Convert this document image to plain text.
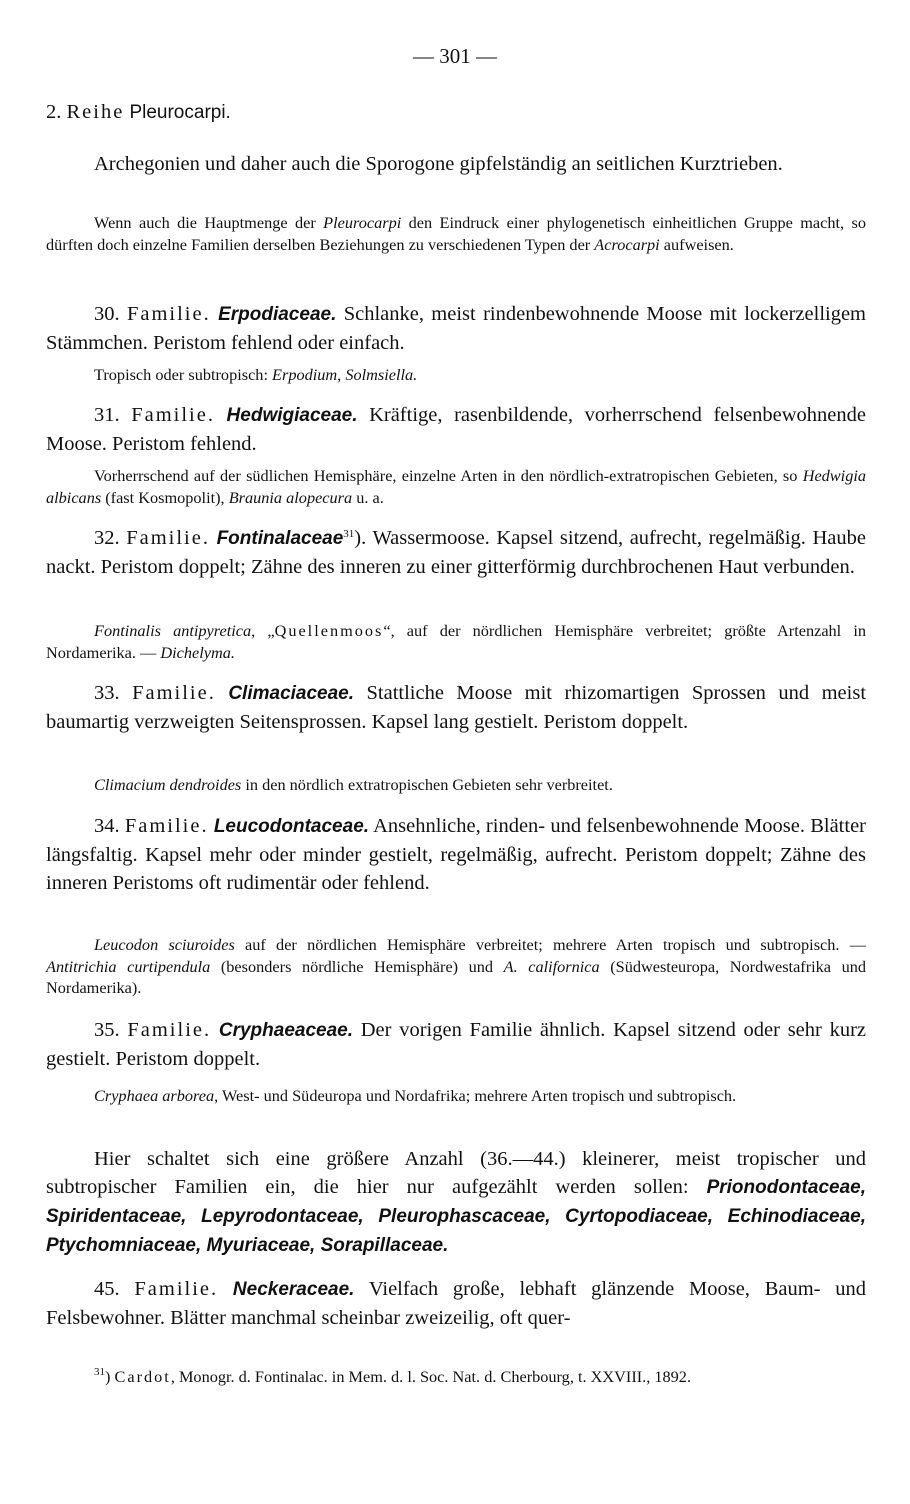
— 301 —

2. Reihe Pleurocarpi.

Archegonien und daher auch die Sporogone gipfelständig an seitlichen Kurztrieben.

Wenn auch die Hauptmenge der Pleurocarpi den Eindruck einer phylogenetisch einheitlichen Gruppe macht, so dürften doch einzelne Familien derselben Beziehungen zu verschiedenen Typen der Acrocarpi aufweisen.

30. Familie. Erpodiaceae. Schlanke, meist rindenbewohnende Moose mit lockerzelligem Stämmchen. Peristom fehlend oder einfach.

Tropisch oder subtropisch: Erpodium, Solmsiella.

31. Familie. Hedwigiaceae. Kräftige, rasenbildende, vorherrschend felsenbewohnende Moose. Peristom fehlend.

Vorherrschend auf der südlichen Hemisphäre, einzelne Arten in den nördlich-extratropischen Gebieten, so Hedwigia albicans (fast Kosmopolit), Braunia alopecura u. a.

32. Familie. Fontinalaceae$^{31}$). Wassermoose. Kapsel sitzend, aufrecht, regelmäßig. Haube nackt. Peristom doppelt; Zähne des inneren zu einer gitterförmig durchbrochenen Haut verbunden.

Fontinalis antipyretica, „Quellenmoos“, auf der nördlichen Hemisphäre verbreitet; größte Artenzahl in Nordamerika. — Dichelyma.

33. Familie. Climaciaceae. Stattliche Moose mit rhizomartigen Sprossen und meist baumartig verzweigten Seitensprossen. Kapsel lang gestielt. Peristom doppelt.

Climacium dendroides in den nördlich extratropischen Gebieten sehr verbreitet.

34. Familie. Leucodontaceae. Ansehnliche, rinden- und felsenbewohnende Moose. Blätter längsfaltig. Kapsel mehr oder minder gestielt, regelmäßig, aufrecht. Peristom doppelt; Zähne des inneren Peristoms oft rudimentär oder fehlend.

Leucodon sciuroides auf der nördlichen Hemisphäre verbreitet; mehrere Arten tropisch und subtropisch. — Antitrichia curtipendula (besonders nördliche Hemisphäre) und A. californica (Südwesteuropa, Nordwestafrika und Nordamerika).

35. Familie. Cryphaeaceae. Der vorigen Familie ähnlich. Kapsel sitzend oder sehr kurz gestielt. Peristom doppelt.

Cryphaea arborea, West- und Südeuropa und Nordafrika; mehrere Arten tropisch und subtropisch.

Hier schaltet sich eine größere Anzahl (36.—44.) kleinerer, meist tropischer und subtropischer Familien ein, die hier nur aufgezählt werden sollen: Prionodontaceae, Spiridentaceae, Lepyrodontaceae, Pleurophascaceae, Cyrtopodiaceae, Echinodiaceae, Ptychomniaceae, Myuriaceae, Sorapillaceae.

45. Familie. Neckeraceae. Vielfach große, lebhaft glänzende Moose, Baum- und Felsbewohner. Blätter manchmal scheinbar zweizeilig, oft quer-

$^{31}$) Cardot, Monogr. d. Fontinalac. in Mem. d. l. Soc. Nat. d. Cherbourg, t. XXVIII., 1892.
